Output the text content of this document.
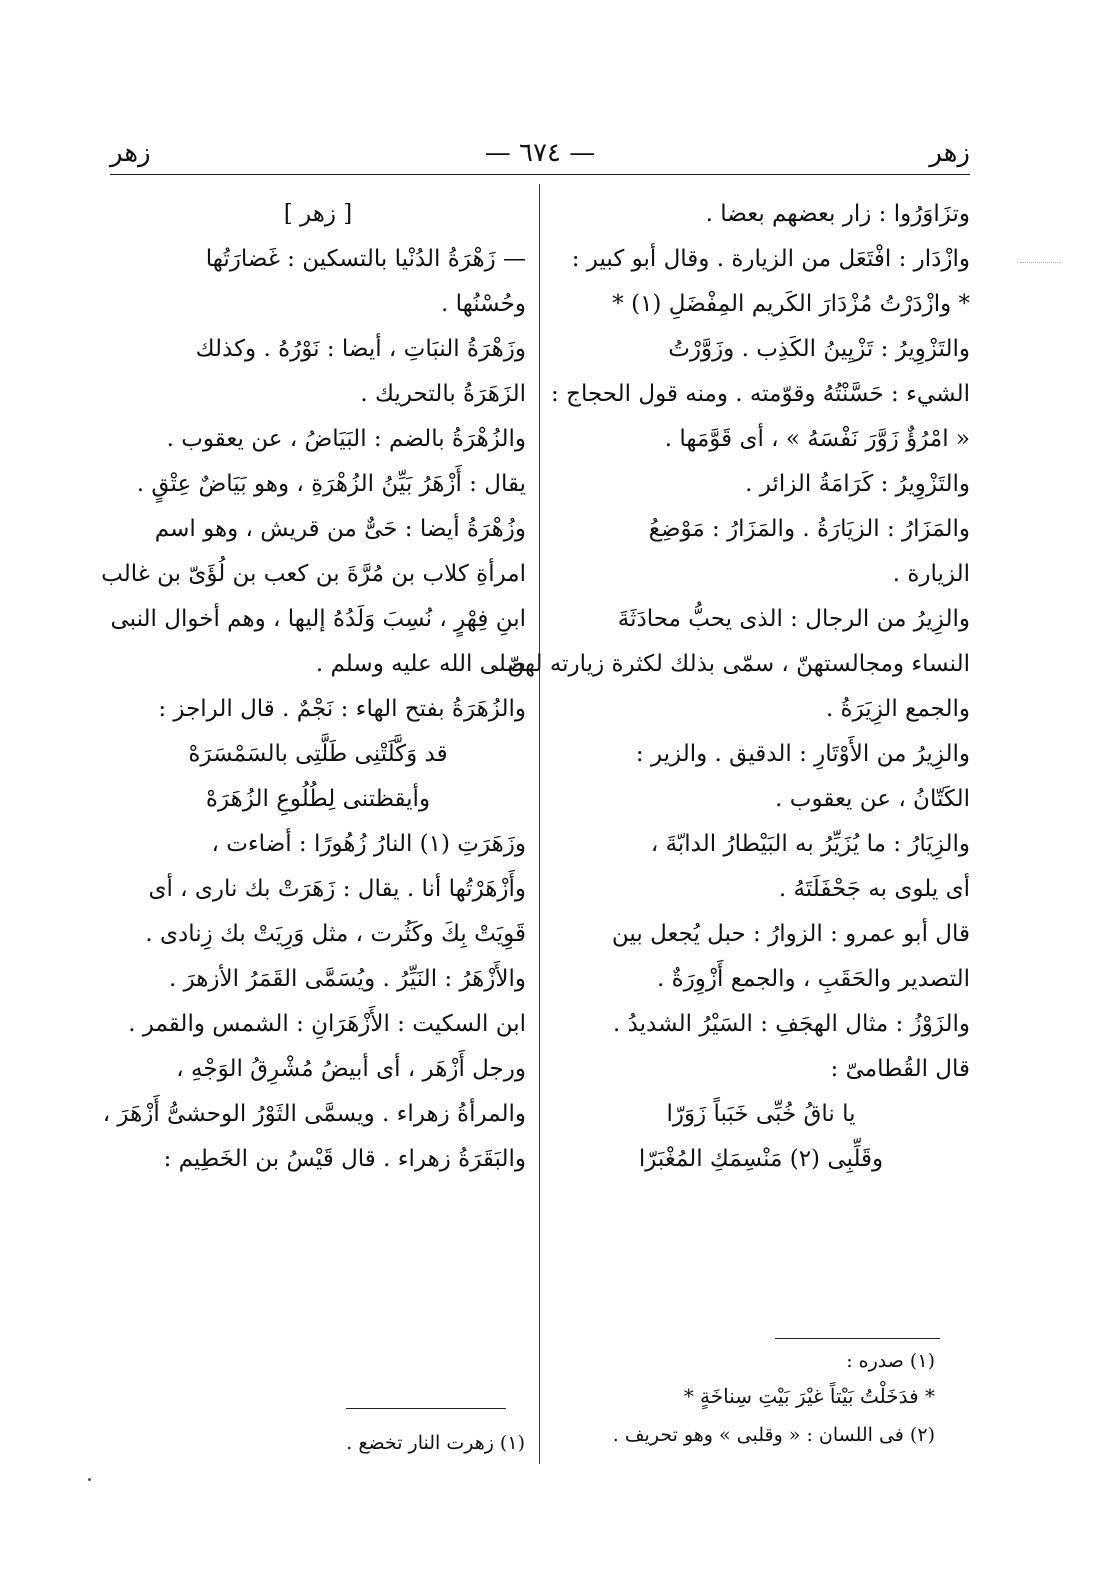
زهر
— ٦٧٤ —
زهر
وتزَاوَرُوا : زار بعضهم بعضا .
وازْدَار : افْتَعَل من الزيارة . وقال أبو كبير :
* وازْدَرْتُ مُزْدَارَ الكَريم المِفْضَلِ (١) *
والتَزْوِيرُ : تَزْيِينُ الكَذِب . وزَوَّرْتُ
الشيء : حَسَّنْتُهُ وقوّمته . ومنه قول الحجاج :
« امْرُؤٌ زَوَّرَ نَفْسَهُ » ، أى قَوَّمَها .
والتَزْوِيرُ : كَرَامَةُ الزائر .
والمَزَارُ : الزيَارَةُ . والمَزَارُ : مَوْضِعُ
الزيارة .
والزِيرُ من الرجال : الذى يحبُّ محادَثَةَ
النساء ومجالستهنّ ، سمّى بذلك لكثرة زيارته لهنّ .
والجمع الزِيَرَةُ .
والزِيرُ من الأَوْتَارِ : الدقيق . والزير :
الكَتّانُ ، عن يعقوب .
والزِيَارُ : ما يُزَيِّرُ به البَيْطارُ الدابّةَ ،
أى يلوى به جَحْفَلَتَهُ .
قال أبو عمرو : الزوارُ : حبل يُجعل بين
التصدير والحَقَبِ ، والجمع أَزْوِرَةٌ .
والزَوْزُ : مثال الهجَفِ : السَيْرُ الشديدُ .
قال القُطامىّ :
يا ناقُ خُبِّى خَبَباً زَوَرّا
وقَلِّبِى (٢) مَنْسِمَكِ المُغْبَرّا
[ زهر ]
— زَهْرَةُ الدُنْيا بالتسكين : غَضارَتُها
وحُسْنُها .
وزَهْرَةُ النبَاتِ ، أيضا : نَوْرُهُ . وكذلك
الزَهَرَةُ بالتحريك .
والزُهْرَةُ بالضم : البَيَاضُ ، عن يعقوب .
يقال : أَزْهَرُ بَيِّنُ الزُهْرَةِ ، وهو بَيَاضٌ عِتْقٍ .
وزُهْرَةُ أيضا : حَىٌّ من قريش ، وهو اسم
امرأةِ كلاب بن مُرَّةَ بن كعب بن لُؤَىّ بن غالب
ابنِ فِهْرٍ ، نُسِبَ وَلَدُهُ إليها ، وهم أخوال النبى
صلى الله عليه وسلم .
والزُهَرَةُ بفتح الهاء : نَجْمٌ . قال الراجز :
قد وَكَّلَتْنِى طَلَّتِى بالسَمْسَرَهْ
وأيقظتنى لِطُلُوعِ الزُهَرَهْ
وزَهَرَتِ (١) النارُ زُهُورًا : أضاءت ،
وأَزْهَرْتُها أنا . يقال : زَهَرَتْ بك نارى ، أى
قَوِيَتْ بِكَ وكَثُرت ، مثل وَرِيَتْ بك زِنادى .
والأَزْهَرُ : النَيِّرُ . ويُسَمَّى القَمَرُ الأزهرَ .
ابن السكيت : الأَزْهَرَانِ : الشمس والقمر .
ورجل أَزْهَر ، أى أبيضُ مُشْرِقُ الوَجْهِ ،
والمرأةُ زهراء . ويسمَّى الثَوْرُ الوحشىُّ أَزْهَرَ ،
والبَقَرَةُ زهراء . قال قَيْسُ بن الخَطِيم :
(١) صدره :
* فدَخَلْتُ بَيْتاً غيْرَ بَيْتِ سِناخَةٍ *
(٢) فى اللسان : « وقلبى » وهو تحريف .
(١) زهرت النار تخضع .
